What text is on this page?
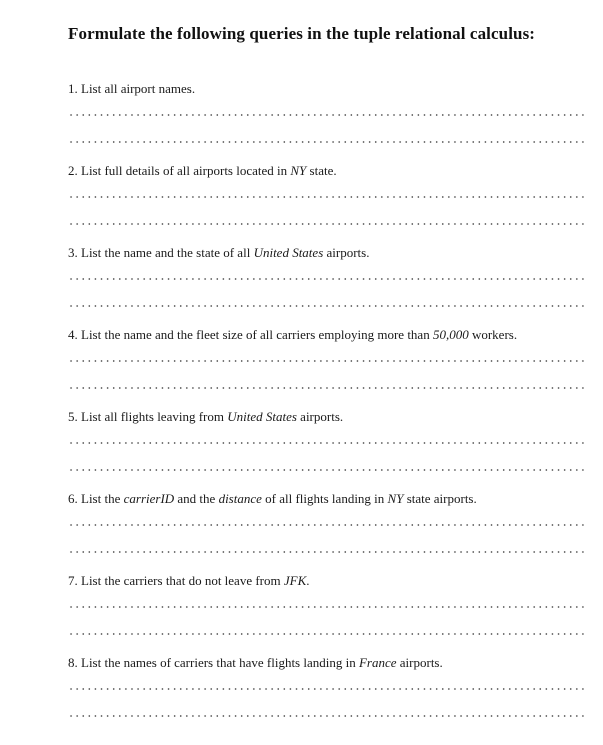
Formulate the following queries in the tuple relational calculus:
1. List all airport names.
2. List full details of all airports located in NY state.
3. List the name and the state of all United States airports.
4. List the name and the fleet size of all carriers employing more than 50,000 workers.
5. List all flights leaving from United States airports.
6. List the carrierID and the distance of all flights landing in NY state airports.
7. List the carriers that do not leave from JFK.
8. List the names of carriers that have flights landing in France airports.
